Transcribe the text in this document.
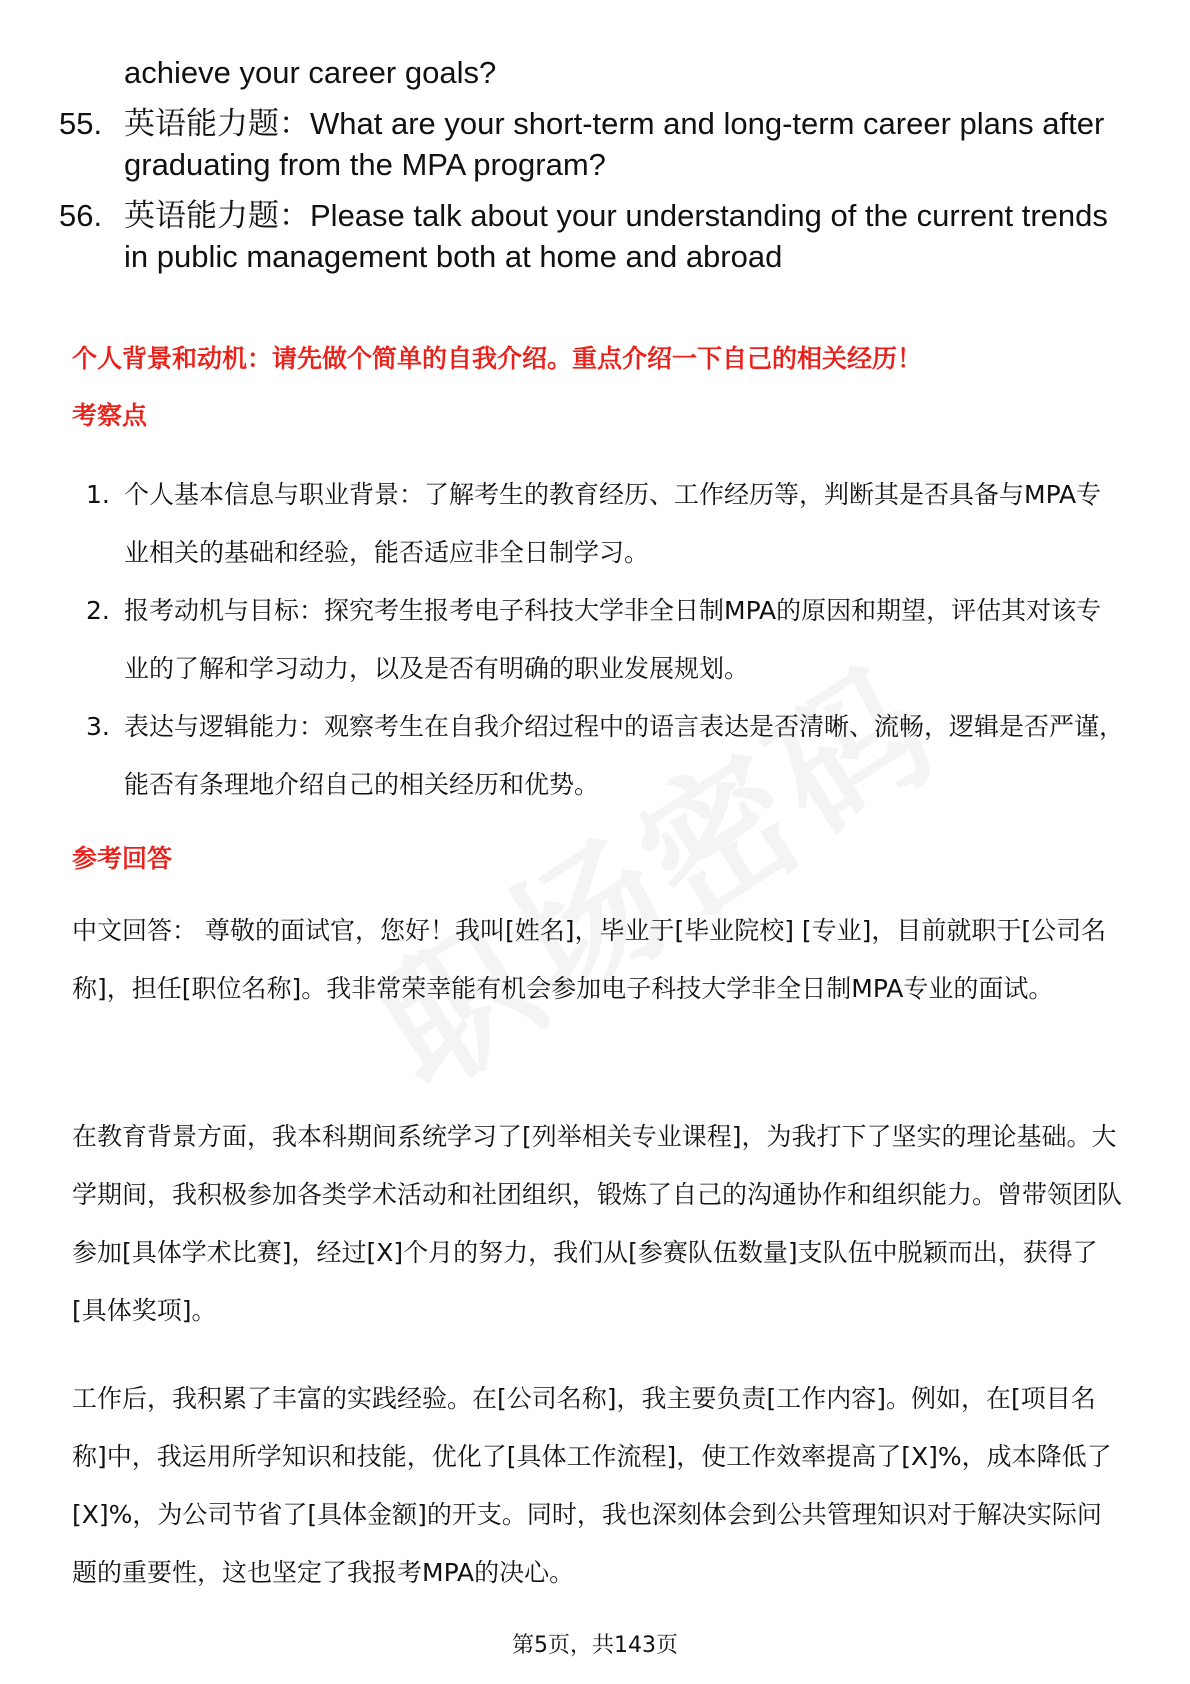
achieve your career goals?
55. 英语能力题：What are your short-term and long-term career plans after graduating from the MPA program?
56. 英语能力题：Please talk about your understanding of the current trends in public management both at home and abroad
个人背景和动机：请先做个简单的自我介绍。重点介绍一下自己的相关经历！
考察点
1. 个人基本信息与职业背景：了解考生的教育经历、工作经历等，判断其是否具备与MPA专业相关的基础和经验，能否适应非全日制学习。
2. 报考动机与目标：探究考生报考电子科技大学非全日制MPA的原因和期望，评估其对该专业的了解和学习动力，以及是否有明确的职业发展规划。
3. 表达与逻辑能力：观察考生在自我介绍过程中的语言表达是否清晰、流畅，逻辑是否严谨，能否有条理地介绍自己的相关经历和优势。
参考回答
中文回答： 尊敬的面试官，您好！我叫[姓名]，毕业于[毕业院校] [专业]，目前就职于[公司名称]，担任[职位名称]。我非常荣幸能有机会参加电子科技大学非全日制MPA专业的面试。
在教育背景方面，我本科期间系统学习了[列举相关专业课程]，为我打下了坚实的理论基础。大学期间，我积极参加各类学术活动和社团组织，锻炼了自己的沟通协作和组织能力。曾带领团队参加[具体学术比赛]，经过[X]个月的努力，我们从[参赛队伍数量]支队伍中脱颖而出，获得了[具体奖项]。
工作后，我积累了丰富的实践经验。在[公司名称]，我主要负责[工作内容]。例如，在[项目名称]中，我运用所学知识和技能，优化了[具体工作流程]，使工作效率提高了[X]%，成本降低了[X]%，为公司节省了[具体金额]的开支。同时，我也深刻体会到公共管理知识对于解决实际问题的重要性，这也坚定了我报考MPA的决心。
第5页，共143页
